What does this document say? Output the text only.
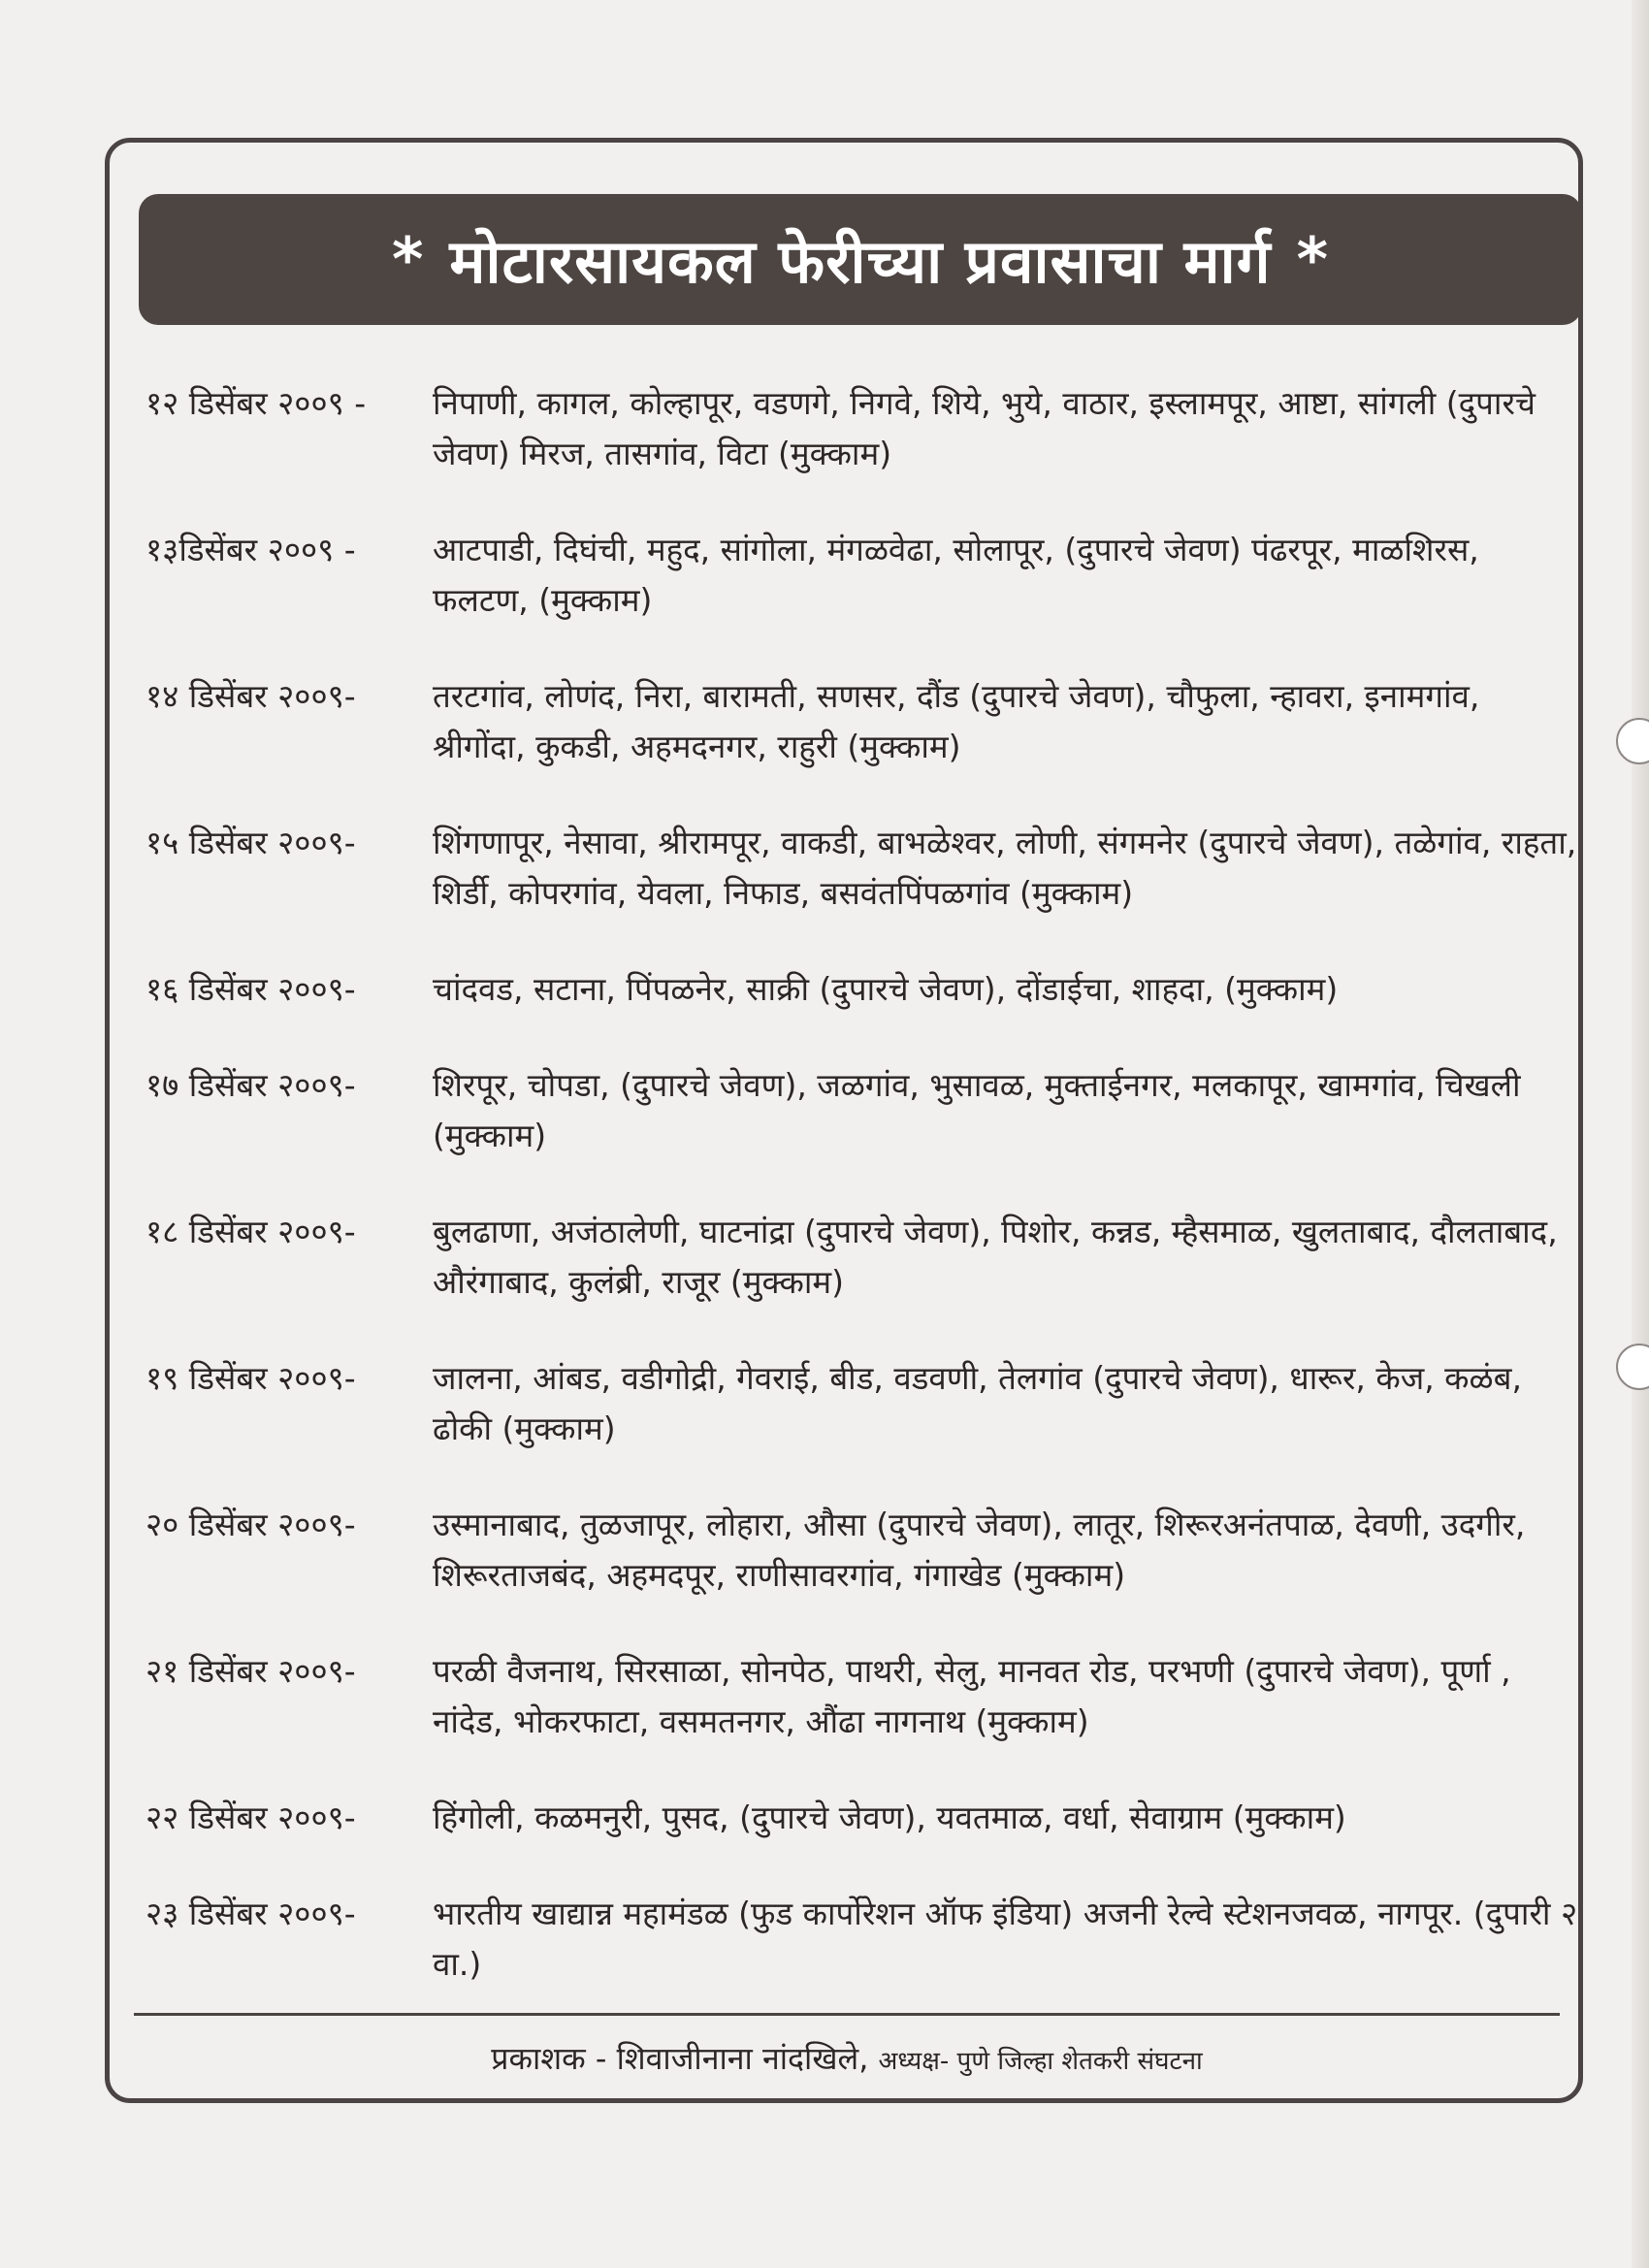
* मोटारसायकल फेरीच्या प्रवासाचा मार्ग *
१२ डिसेंबर २००९ -	निपाणी, कागल, कोल्हापूर, वडणगे, निगवे, शिये, भुये, वाठार, इस्लामपूर, आष्टा, सांगली (दुपारचे जेवण) मिरज, तासगांव, विटा (मुक्काम)
१३डिसेंबर २००९ -	आटपाडी, दिघंची, महुद, सांगोला, मंगळवेढा, सोलापूर, (दुपारचे जेवण) पंढरपूर, माळशिरस, फलटण, (मुक्काम)
१४ डिसेंबर २००९-	तरटगांव, लोणंद, निरा, बारामती, सणसर, दौंड (दुपारचे जेवण), चौफुला, न्हावरा, इनामगांव, श्रीगोंदा, कुकडी, अहमदनगर, राहुरी (मुक्काम)
१५ डिसेंबर २००९-	शिंगणापूर, नेसावा, श्रीरामपूर, वाकडी, बाभळेश्वर, लोणी, संगमनेर (दुपारचे जेवण), तळेगांव, राहता, शिर्डी, कोपरगांव, येवला, निफाड, बसवंतपिंपळगांव (मुक्काम)
१६ डिसेंबर २००९-	चांदवड, सटाना, पिंपळनेर, साक्री (दुपारचे जेवण), दोंडाईचा, शाहदा, (मुक्काम)
१७ डिसेंबर २००९-	शिरपूर, चोपडा, (दुपारचे जेवण), जळगांव, भुसावळ, मुक्ताईनगर, मलकापूर, खामगांव, चिखली (मुक्काम)
१८ डिसेंबर २००९-	बुलढाणा, अजंठालेणी, घाटनांद्रा (दुपारचे जेवण), पिशोर, कन्नड, म्हैसमाळ, खुलताबाद, दौलताबाद, औरंगाबाद, कुलंब्री, राजूर (मुक्काम)
१९ डिसेंबर २००९-	जालना, आंबड, वडीगोद्री, गेवराई, बीड, वडवणी, तेलगांव (दुपारचे जेवण), धारूर, केज, कळंब, ढोकी (मुक्काम)
२० डिसेंबर २००९-	उस्मानाबाद, तुळजापूर, लोहारा, औसा (दुपारचे जेवण), लातूर, शिरूरअनंतपाळ, देवणी, उदगीर, शिरूरताजबंद, अहमदपूर, राणीसावरगांव, गंगाखेड (मुक्काम)
२१ डिसेंबर २००९-	परळी वैजनाथ, सिरसाळा, सोनपेठ, पाथरी, सेलु, मानवत रोड, परभणी (दुपारचे जेवण), पूर्णा , नांदेड, भोकरफाटा, वसमतनगर, औंढा नागनाथ (मुक्काम)
२२ डिसेंबर २००९-	हिंगोली, कळमनुरी, पुसद, (दुपारचे जेवण), यवतमाळ, वर्धा, सेवाग्राम (मुक्काम)
२३ डिसेंबर २००९-	भारतीय खाद्यान्न महामंडळ (फुड कार्पोरेशन ऑफ इंडिया) अजनी रेल्वे स्टेशनजवळ, नागपूर. (दुपारी २ वा.)
प्रकाशक - शिवाजीनाना नांदखिले, अध्यक्ष- पुणे जिल्हा शेतकरी संघटना
